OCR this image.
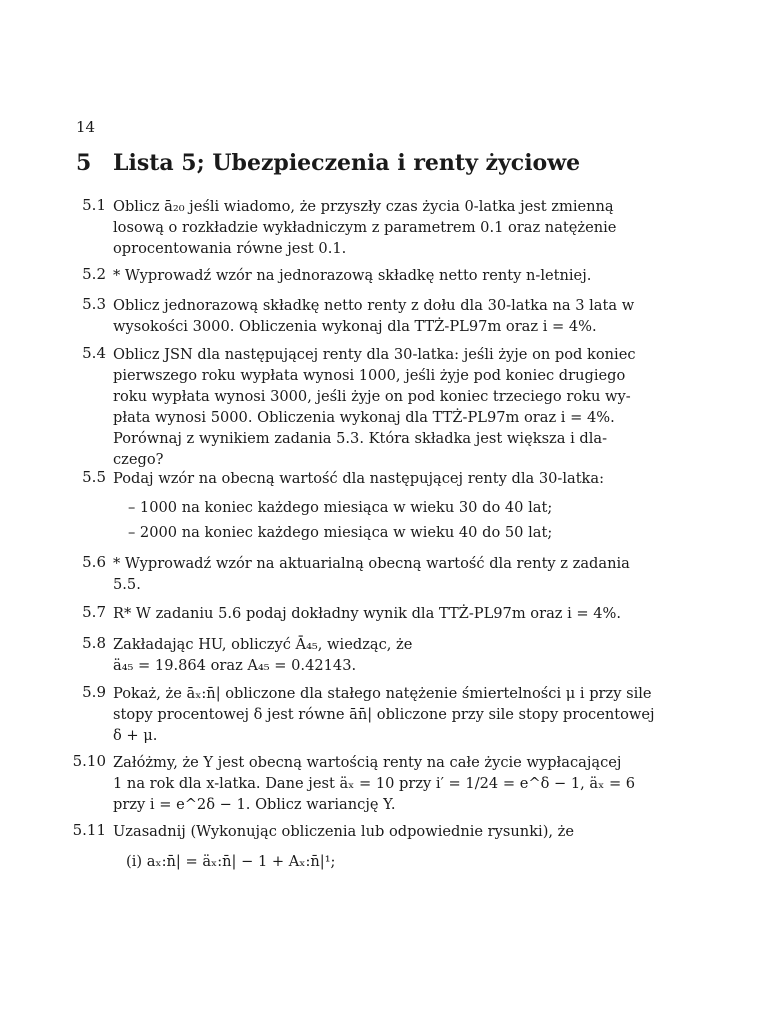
14
5 Lista 5; Ubezpieczenia i renty życiowe
5.1 Oblicz ā₂₀ jeśli wiadomo, że przyszły czas życia 0-latka jest zmienną
losową o rozkładzie wykładniczym z parametrem 0.1 oraz natężenie
oprocentowania równe jest 0.1.
5.2 * Wyprowadź wzór na jednorazową składkę netto renty n-letniej.
5.3 Oblicz jednorazową składkę netto renty z dołu dla 30-latka na 3 lata w
wysokości 3000. Obliczenia wykonaj dla TTŻ-PL97m oraz i = 4%.
5.4 Oblicz JSN dla następującej renty dla 30-latka: jeśli żyje on pod koniec
pierwszego roku wypłata wynosi 1000, jeśli żyje pod koniec drugiego
roku wypłata wynosi 3000, jeśli żyje on pod koniec trzeciego roku wy-
płata wynosi 5000. Obliczenia wykonaj dla TTŻ-PL97m oraz i = 4%.
Porównaj z wynikiem zadania 5.3. Która składka jest większa i dla-
czego?
5.5 Podaj wzór na obecną wartość dla następującej renty dla 30-latka:
– 1000 na koniec każdego miesiąca w wieku 30 do 40 lat;
– 2000 na koniec każdego miesiąca w wieku 40 do 50 lat;
5.6 * Wyprowadź wzór na aktuarialną obecną wartość dla renty z zadania
5.5.
5.7 R* W zadaniu 5.6 podaj dokładny wynik dla TTŻ-PL97m oraz i = 4%.
5.8 Zakładając HU, obliczyć Ā₄₅, wiedząc, że
ä₄₅ = 19.864 oraz A₄₅ = 0.42143.
5.9 Pokaż, że āₓ:n̄| obliczone dla stałego natężenie śmiertelności μ i przy sile
stopy procentowej δ jest równe ān̄| obliczone przy sile stopy procentowej
δ + μ.
5.10 Załóżmy, że Y jest obecną wartością renty na całe życie wypłacającej
1 na rok dla x-latka. Dane jest äₓ = 10 przy i′ = 1/24 = e^δ − 1, äₓ = 6
przy i = e^2δ − 1. Oblicz wariancję Y.
5.11 Uzasadnij (Wykonując obliczenia lub odpowiednie rysunki), że
(i) aₓ:n̄| = äₓ:n̄| − 1 + Aₓ:n̄|¹;
